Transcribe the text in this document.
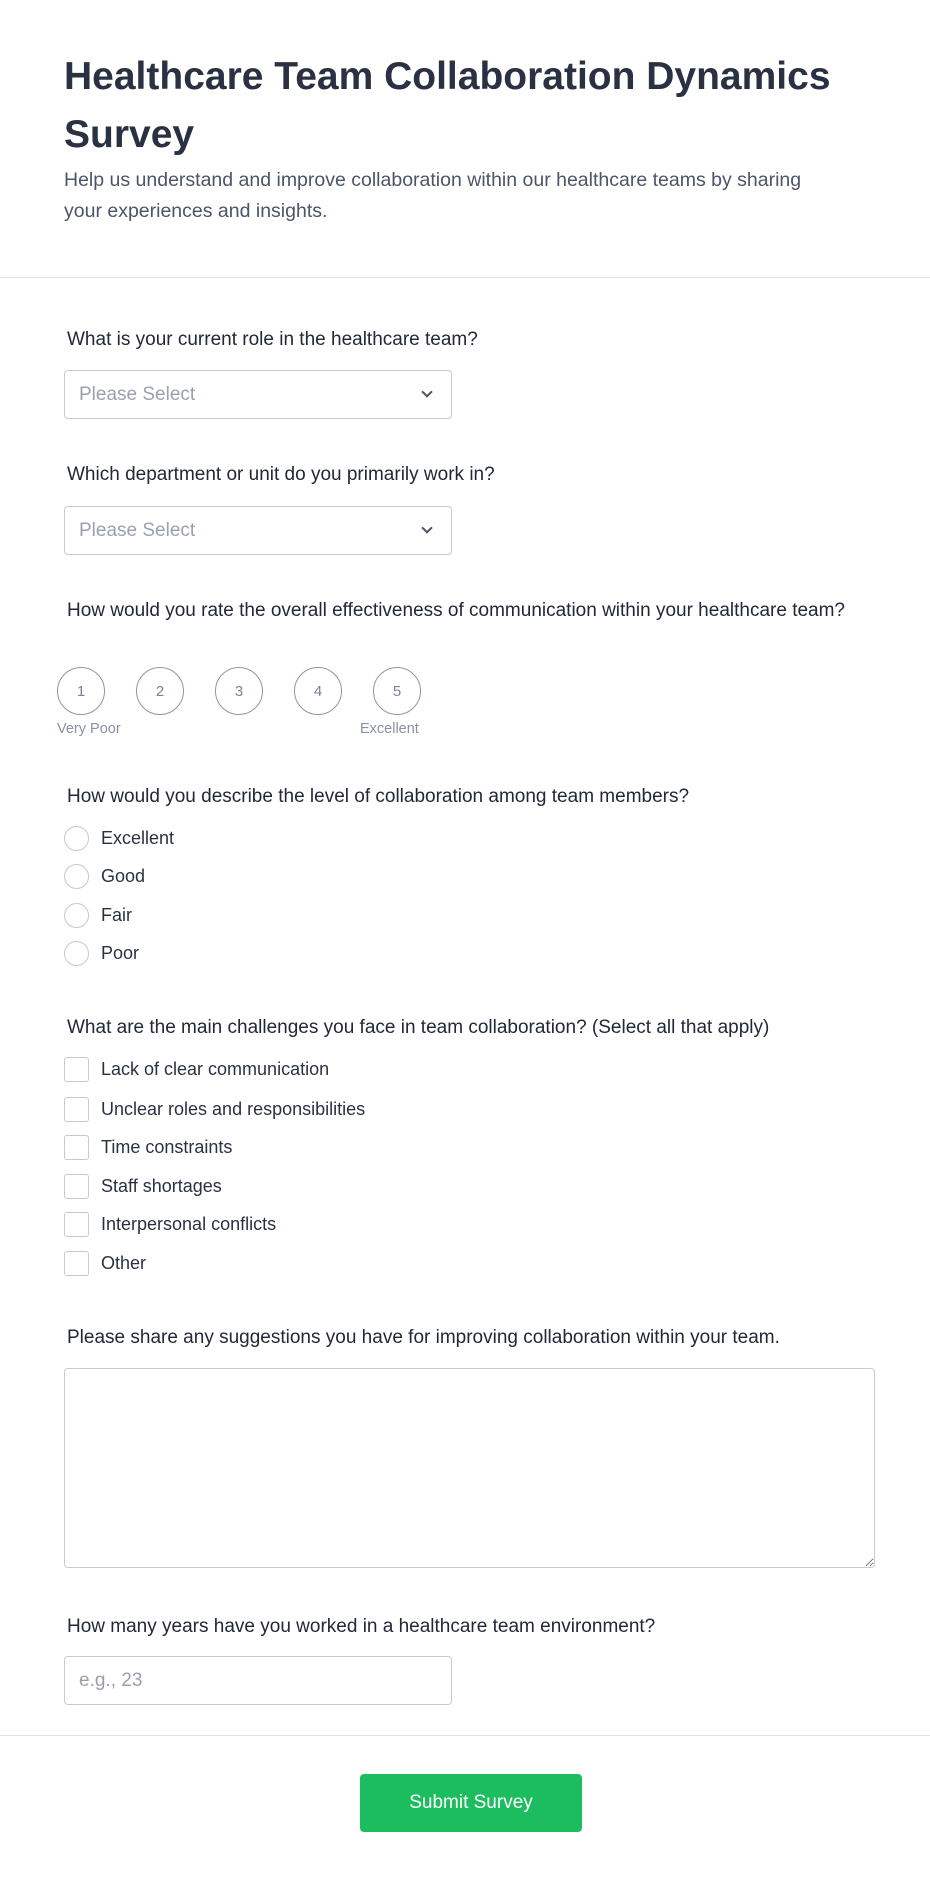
Healthcare Team Collaboration Dynamics Survey

Help us understand and improve collaboration within our healthcare teams by sharing your experiences and insights.

What is your current role in the healthcare team?
Please Select
Which department or unit do you primarily work in?
Please Select
How would you rate the overall effectiveness of communication within your healthcare team?
1	2	3	4	5
Very Poor	Excellent
How would you describe the level of collaboration among team members?
Excellent
Good
Fair
Poor
What are the main challenges you face in team collaboration? (Select all that apply)
Lack of clear communication
Unclear roles and responsibilities
Time constraints
Staff shortages
Interpersonal conflicts
Other
Please share any suggestions you have for improving collaboration within your team.
How many years have you worked in a healthcare team environment?
e.g., 23
Submit Survey
